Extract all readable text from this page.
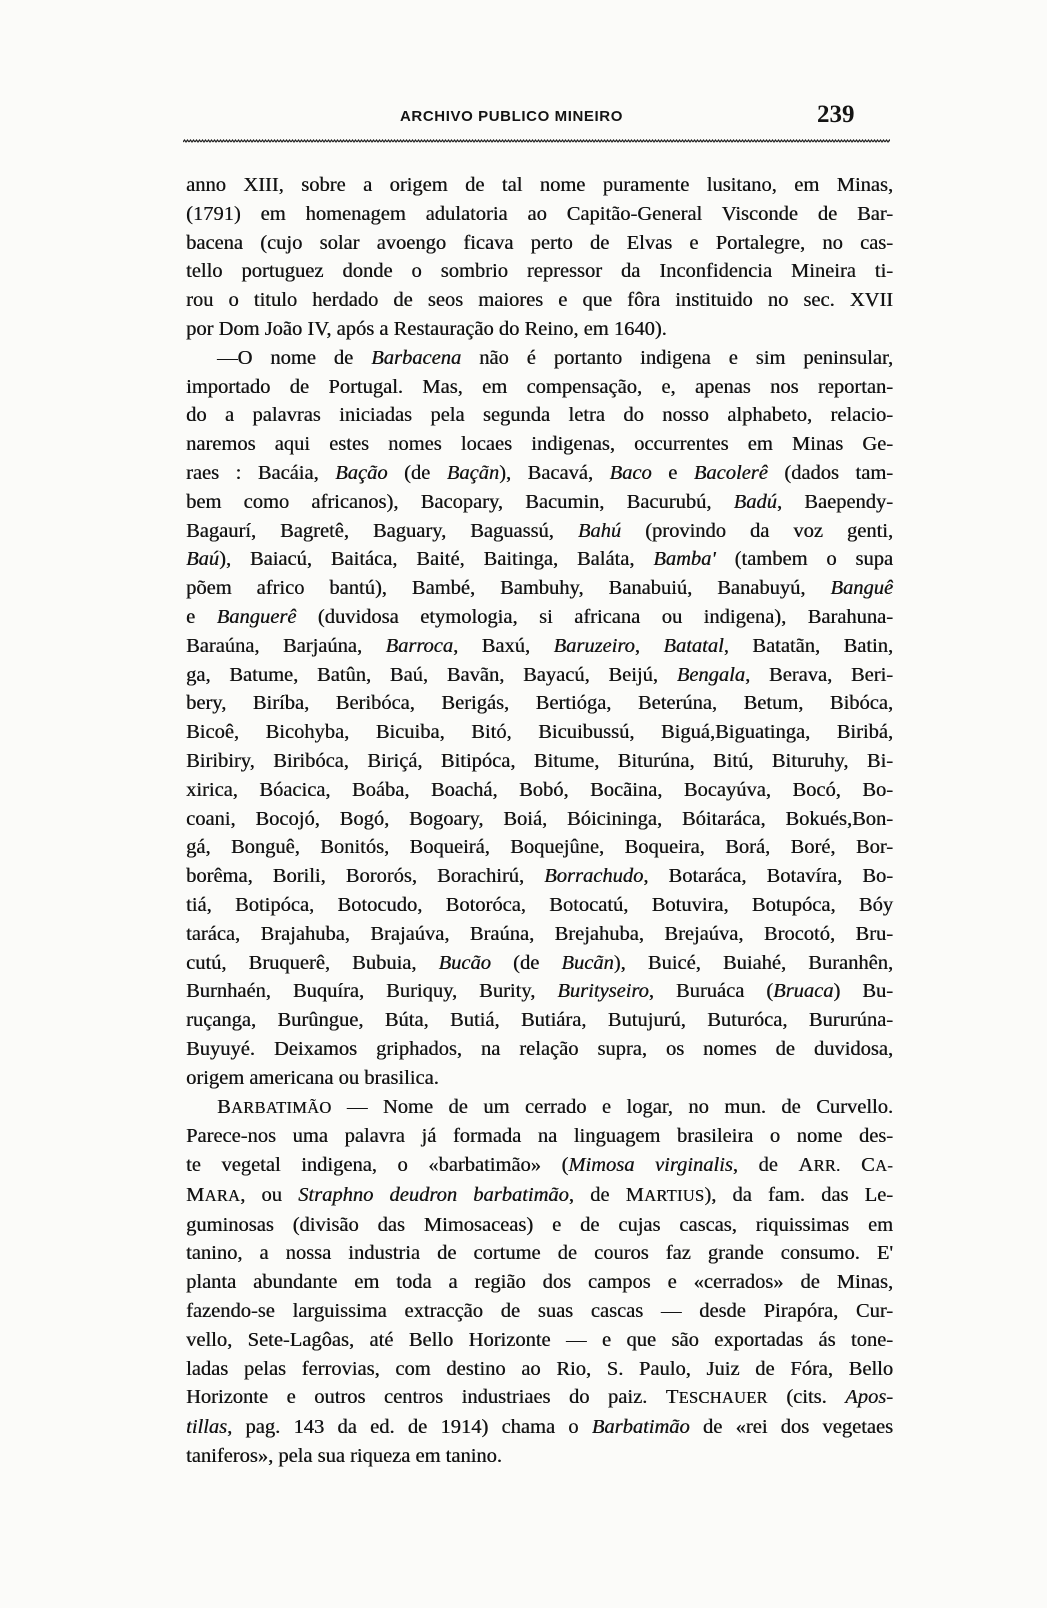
ARCHIVO PUBLICO MINEIRO	239
anno XIII, sobre a origem de tal nome puramente lusitano, em Minas,
(1791) em homenagem adulatoria ao Capitão-General Visconde de Bar-
bacena (cujo solar avoengo ficava perto de Elvas e Portalegre, no cas-
tello portuguez donde o sombrio repressor da Inconfidencia Mineira ti-
rou o titulo herdado de seos maiores e que fôra instituido no sec. XVII
por Dom João IV, após a Restauração do Reino, em 1640).
—O nome de Barbacena não é portanto indigena e sim peninsular,
importado de Portugal. Mas, em compensação, e, apenas nos reportan-
do a palavras iniciadas pela segunda letra do nosso alphabeto, relacio-
naremos aqui estes nomes locaes indigenas, occurrentes em Minas Ge-
raes : Bacáia, Bação (de Baçãn), Bacavá, Baco e Bacolerê (dados tam-
bem como africanos), Bacopary, Bacumin, Bacurubú, Badú, Baependy-
Bagaurí, Bagretê, Baguary, Baguassú, Bahú (provindo da voz genti,
Baú), Baiacú, Baitáca, Baité, Baitinga, Baláta, Bamba' (tambem o supa
põem africo bantú), Bambé, Bambuhy, Banabuiú, Banabuyú, Banguê
e Banguerê (duvidosa etymologia, si africana ou indigena), Barahuna-
Baraúna, Barjaúna, Barroca, Baxú, Baruzeiro, Batatal, Batatãn, Batin,
ga, Batume, Batûn, Baú, Bavãn, Bayacú, Beijú, Bengala, Berava, Beri-
bery, Biríba, Beribóca, Berigás, Bertióga, Beterúna, Betum, Bibóca,
Bicoê, Bicohyba, Bicuiba, Bitó, Bicuibussú, Biguá,Biguatinga, Biribá,
Biribiry, Biribóca, Biriçá, Bitipóca, Bitume, Biturúna, Bitú, Bituruhy, Bi-
xirica, Bóacica, Boába, Boachá, Bobó, Bocãina, Bocayúva, Bocó, Bo-
coani, Bocojó, Bogó, Bogoary, Boiá, Bóicininga, Bóitaráca, Bokués,Bon-
gá, Bonguê, Bonitós, Boqueirá, Boquejûne, Boqueira, Borá, Boré, Bor-
borêma, Borili, Bororós, Borachirú, Borrachudo, Botaráca, Botavíra, Bo-
tiá, Botipóca, Botocudo, Botoróca, Botocatú, Botuvira, Botupóca, Bóy
taráca, Brajahuba, Brajaúva, Braúna, Brejahuba, Brejaúva, Brocotó, Bru-
cutú, Bruquerê, Bubuia, Bucão (de Bucãn), Buicé, Buiahé, Buranhên,
Burnhaén, Buquíra, Buriquy, Burity, Burityseiro, Buruáca (Bruaca) Bu-
ruçanga, Burûngue, Búta, Butiá, Butiára, Butujurú, Buturóca, Bururúna-
Buyuyé. Deixamos griphados, na relação supra, os nomes de duvidosa,
origem americana ou brasilica.
BARBATIMÃO — Nome de um cerrado e logar, no mun. de Curvello.
Parece-nos uma palavra já formada na linguagem brasileira o nome des-
te vegetal indigena, o «barbatimão» (Mimosa virginalis, de ARR. CA-
MARA, ou Straphno deudron barbatimão, de MARTIUS), da fam. das Le-
guminosas (divisão das Mimosaceas) e de cujas cascas, riquissimas em
tanino, a nossa industria de cortume de couros faz grande consumo. E'
planta abundante em toda a região dos campos e «cerrados» de Minas,
fazendo-se larguissima extracção de suas cascas — desde Pirapóra, Cur-
vello, Sete-Lagôas, até Bello Horizonte — e que são exportadas ás tone-
ladas pelas ferrovias, com destino ao Rio, S. Paulo, Juiz de Fóra, Bello
Horizonte e outros centros industriaes do paiz. TESCHAUER (cits. Apos-
tillas, pag. 143 da ed. de 1914) chama o Barbatimão de «rei dos vegetaes
taniferos», pela sua riqueza em tanino.
